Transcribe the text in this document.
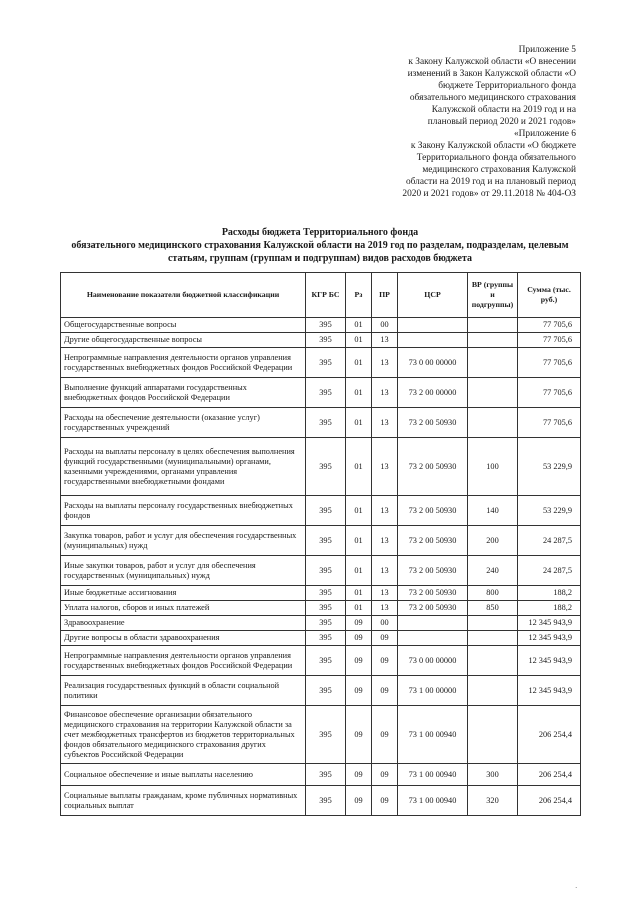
Приложение 5

к Закону Калужской области «О внесении

изменений в Закон Калужской области «О

бюджете Территориального фонда

обязательного медицинского страхования

Калужской области на 2019 год и на

плановый период 2020 и 2021 годов»

«Приложение 6

к Закону Калужской области «О бюджете

Территориального фонда обязательного

медицинского страхования Калужской

области на 2019 год и на плановый период

2020 и 2021 годов» от 29.11.2018 № 404-ОЗ

Расходы бюджета Территориального фонда

обязательного медицинского страхования Калужской области на 2019 год по разделам, подразделам, целевым

статьям, группам (группам и подгруппам) видов расходов бюджета

Наименование показатели бюджетной классификации	КГР БС	Рз	ПР	ЦСР	ВР (группы и подгруппы)	Сумма (тыс. руб.)
Общегосударственные вопросы	395	01	00			77 705,6
Другие общегосударственные вопросы	395	01	13			77 705,6
Непрограммные направления деятельности органов управления государственных внебюджетных фондов Российской Федерации	395	01	13	73 0 00 00000		77 705,6
Выполнение функций аппаратами государственных внебюджетных фондов Российской Федерации	395	01	13	73 2 00 00000		77 705,6
Расходы на обеспечение деятельности (оказание услуг) государственных учреждений	395	01	13	73 2 00 50930		77 705,6
Расходы на выплаты персоналу в целях обеспечения выполнения функций государственными (муниципальными) органами, казенными учреждениями, органами управления государственными внебюджетными фондами	395	01	13	73 2 00 50930	100	53 229,9
Расходы на выплаты персоналу государственных внебюджетных фондов	395	01	13	73 2 00 50930	140	53 229,9
Закупка товаров, работ и услуг для обеспечения государственных (муниципальных) нужд	395	01	13	73 2 00 50930	200	24 287,5
Иные закупки товаров, работ и услуг для обеспечения государственных (муниципальных) нужд	395	01	13	73 2 00 50930	240	24 287,5
Иные бюджетные ассигнования	395	01	13	73 2 00 50930	800	188,2
Уплата налогов, сборов и иных платежей	395	01	13	73 2 00 50930	850	188,2
Здравоохранение	395	09	00			12 345 943,9
Другие вопросы в области здравоохранения	395	09	09			12 345 943,9
Непрограммные направления деятельности органов управления государственных внебюджетных фондов Российской Федерации	395	09	09	73 0 00 00000		12 345 943,9
Реализация государственных функций в области социальной политики	395	09	09	73 1 00 00000		12 345 943,9
Финансовое обеспечение организации обязательного медицинского страхования на территории Калужской области за счет межбюджетных трансфертов из бюджетов территориальных фондов обязательного медицинского страхования других субъектов Российской Федерации	395	09	09	73 1 00 00940		206 254,4
Социальное обеспечение и иные выплаты населению	395	09	09	73 1 00 00940	300	206 254,4
Социальные выплаты гражданам, кроме публичных нормативных социальных выплат	395	09	09	73 1 00 00940	320	206 254,4
·
